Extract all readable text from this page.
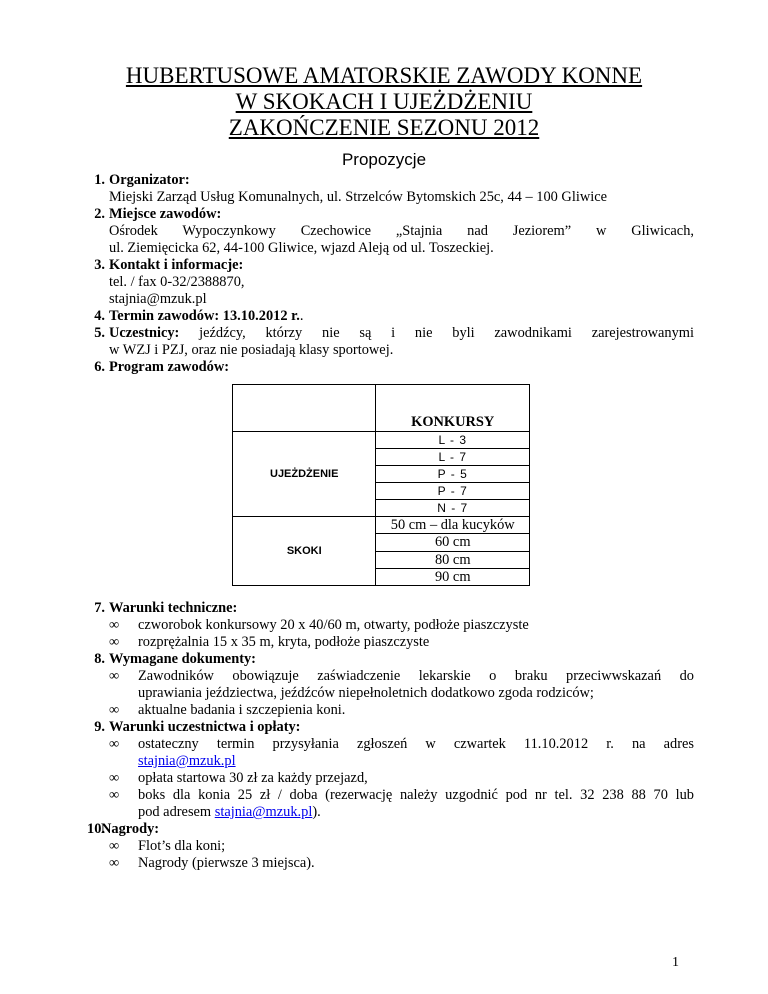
HUBERTUSOWE AMATORSKIE ZAWODY KONNE
W SKOKACH I UJEŻDŻENIU
ZAKOŃCZENIE SEZONU 2012
Propozycje
1. Organizator:
Miejski Zarząd Usług Komunalnych, ul. Strzelców Bytomskich 25c, 44 – 100 Gliwice
2. Miejsce zawodów:
Ośrodek Wypoczynkowy Czechowice „Stajnia nad Jeziorem” w Gliwicach,
ul. Ziemięcicka 62, 44-100 Gliwice, wjazd Aleją od ul. Toszeckiej.
3. Kontakt i informacje:
tel. / fax 0-32/2388870,
stajnia@mzuk.pl
4. Termin zawodów: 13.10.2012 r..
5. Uczestnicy: jeźdźcy, którzy nie są i nie byli zawodnikami zarejestrowanymi
w WZJ i PZJ, oraz nie posiadają klasy sportowej.
6. Program zawodów:
	KONKURSY
UJEŻDŻENIE	L - 3
	L - 7
	P - 5
	P - 7
	N - 7
SKOKI	50 cm – dla kucyków
	60 cm
	80 cm
	90 cm
7. Warunki techniczne:
∞ czworobok konkursowy 20 x 40/60 m, otwarty, podłoże piaszczyste
∞ rozprężalnia 15 x 35 m, kryta, podłoże piaszczyste
8. Wymagane dokumenty:
∞ Zawodników obowiązuje zaświadczenie lekarskie o braku przeciwwskazań do
uprawiania jeździectwa, jeźdźców niepełnoletnich dodatkowo zgoda rodziców;
∞ aktualne badania i szczepienia koni.
9. Warunki uczestnictwa i opłaty:
∞ ostateczny termin przysyłania zgłoszeń w czwartek 11.10.2012 r. na adres
stajnia@mzuk.pl
∞ opłata startowa 30 zł za każdy przejazd,
∞ boks dla konia 25 zł / doba (rezerwację należy uzgodnić pod nr tel. 32 238 88 70 lub
pod adresem stajnia@mzuk.pl).
10.
Nagrody:
∞ Flot’s dla koni;
∞ Nagrody (pierwsze 3 miejsca).
1
